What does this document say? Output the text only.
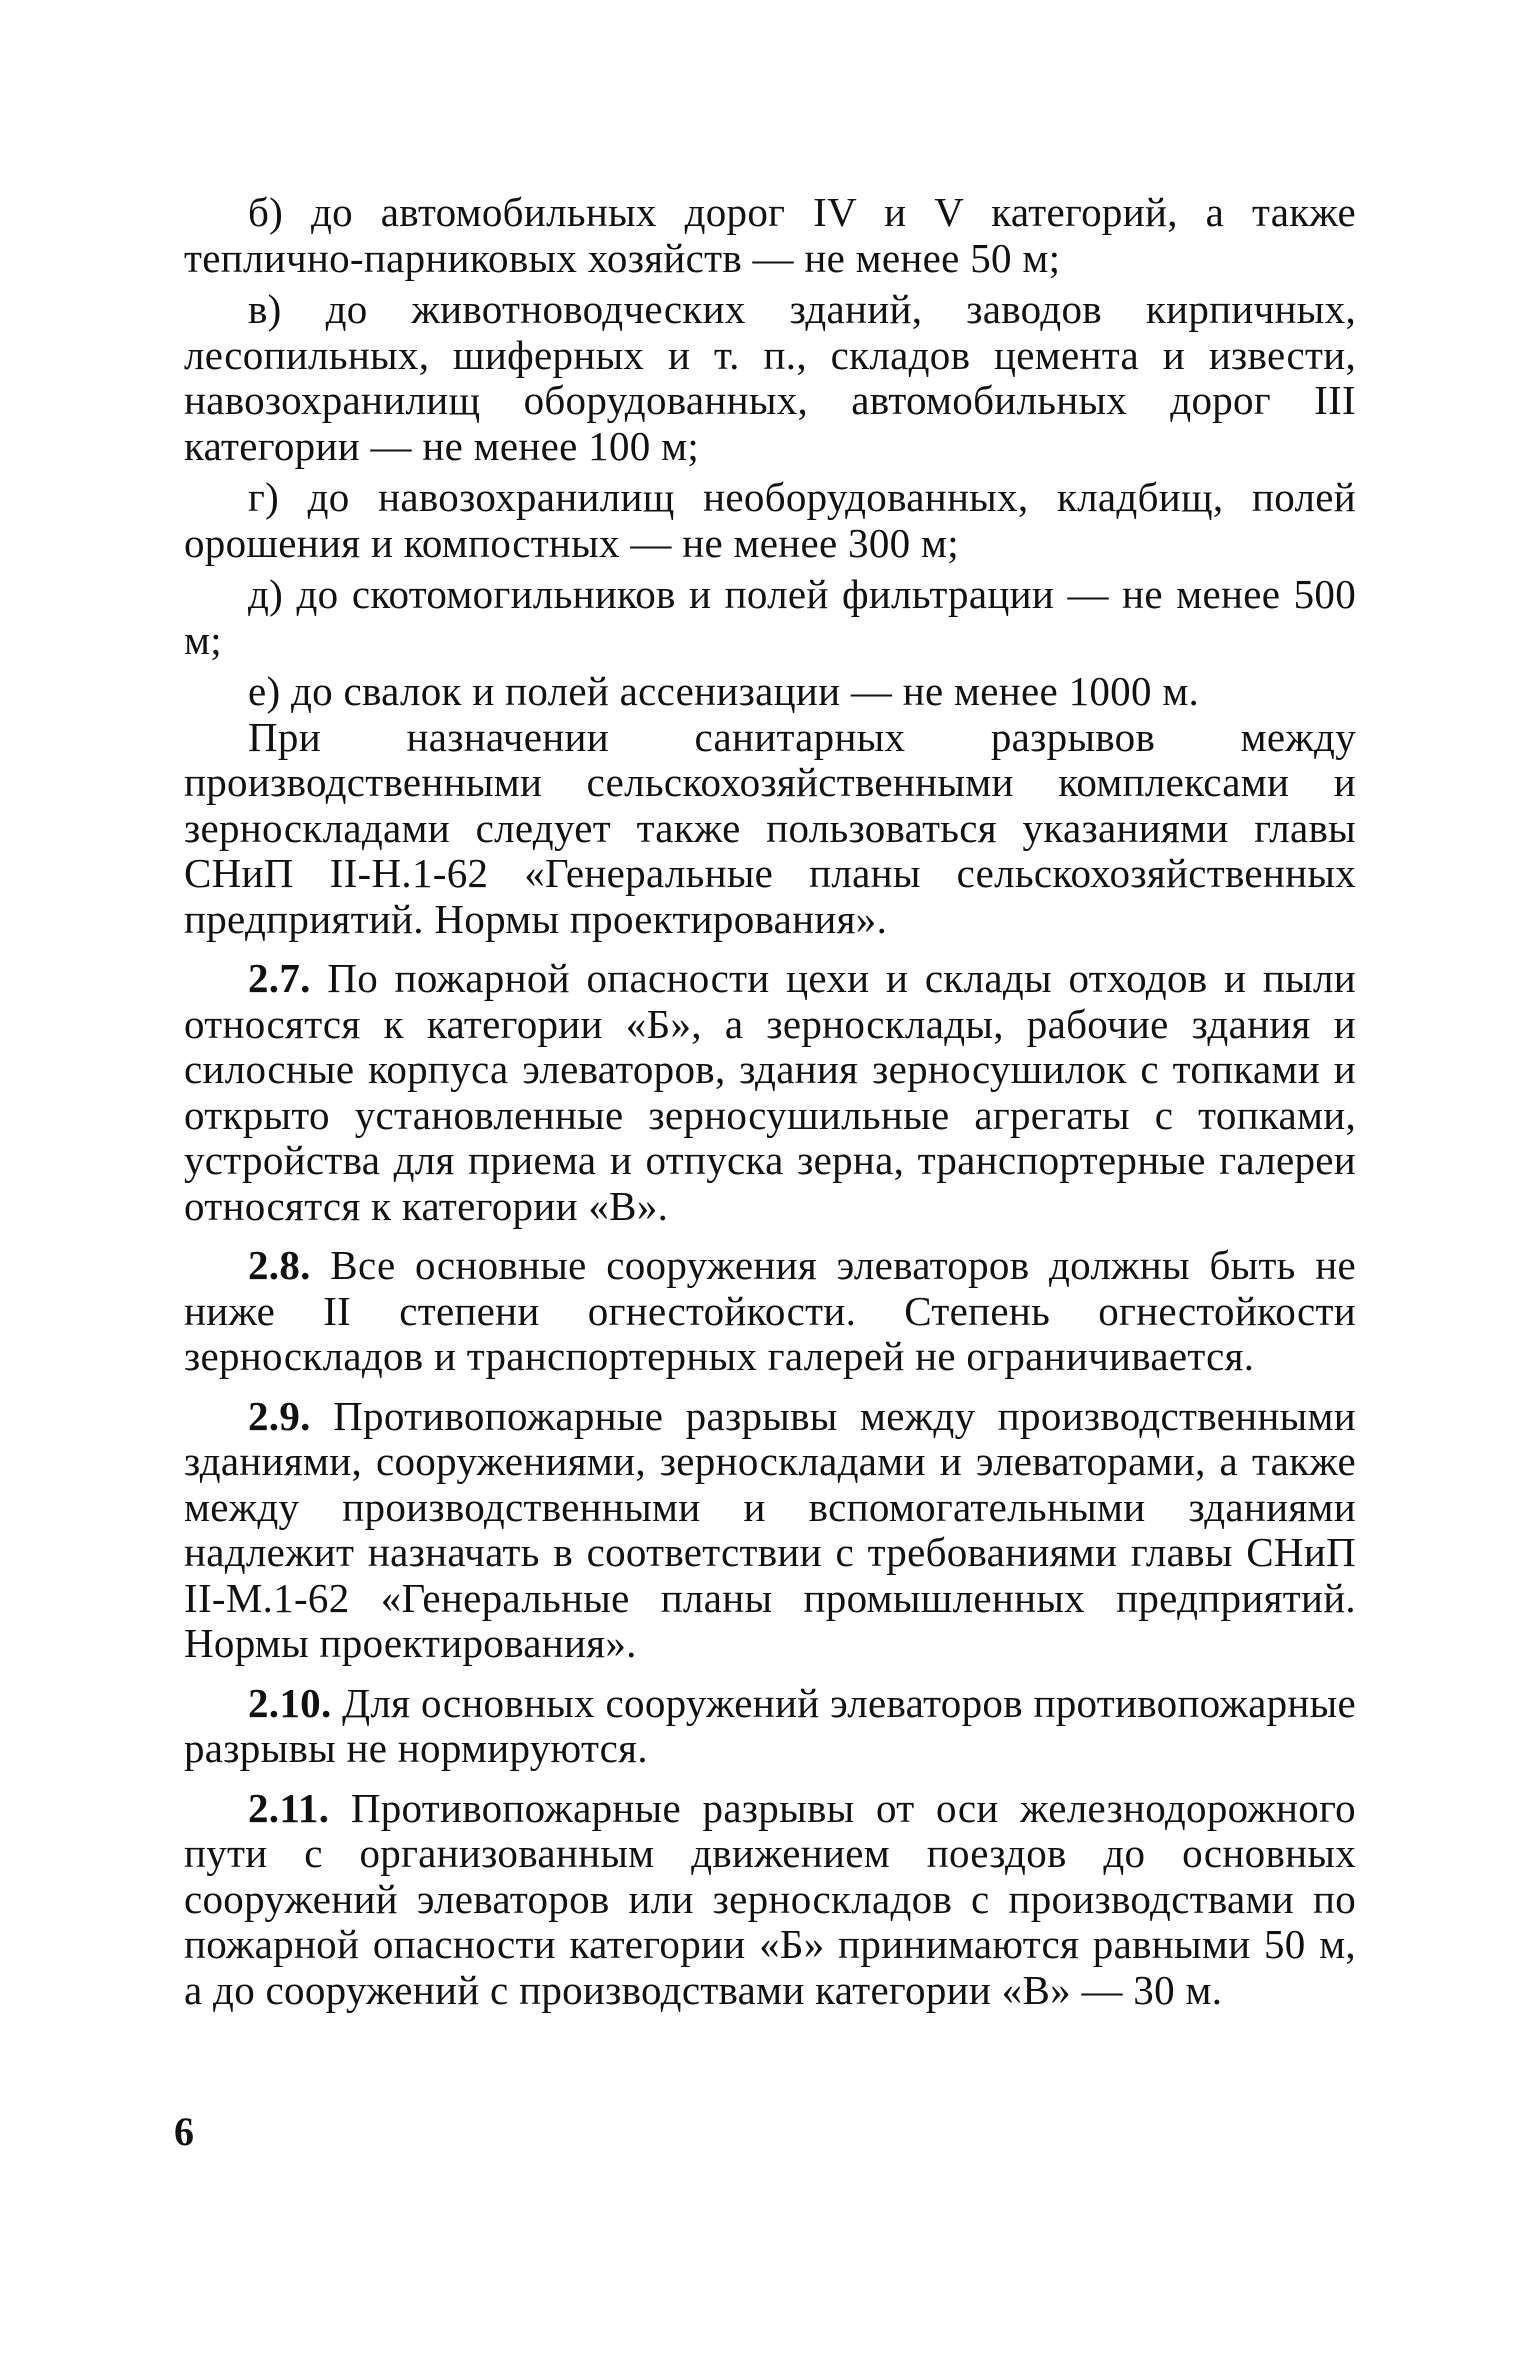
б) до автомобильных дорог IV и V категорий, а также теплично-парниковых хозяйств — не менее 50 м;

в) до животноводческих зданий, заводов кирпичных, лесопильных, шиферных и т. п., складов цемента и извести, навозохранилищ оборудованных, автомобильных дорог III категории — не менее 100 м;

г) до навозохранилищ необорудованных, кладбищ, полей орошения и компостных — не менее 300 м;

д) до скотомогильников и полей фильтрации — не менее 500 м;

е) до свалок и полей ассенизации — не менее 1000 м.

При назначении санитарных разрывов между производственными сельскохозяйственными комплексами и зерноскладами следует также пользоваться указаниями главы СНиП II-Н.1-62 «Генеральные планы сельскохозяйственных предприятий. Нормы проектирования».

2.7. По пожарной опасности цехи и склады отходов и пыли относятся к категории «Б», а зерносклады, рабочие здания и силосные корпуса элеваторов, здания зерносушилок с топками и открыто установленные зерносушильные агрегаты с топками, устройства для приема и отпуска зерна, транспортерные галереи относятся к категории «В».

2.8. Все основные сооружения элеваторов должны быть не ниже II степени огнестойкости. Степень огнестойкости зерноскладов и транспортерных галерей не ограничивается.

2.9. Противопожарные разрывы между производственными зданиями, сооружениями, зерноскладами и элеваторами, а также между производственными и вспомогательными зданиями надлежит назначать в соответствии с требованиями главы СНиП II-М.1-62 «Генеральные планы промышленных предприятий. Нормы проектирования».

2.10. Для основных сооружений элеваторов противопожарные разрывы не нормируются.

2.11. Противопожарные разрывы от оси железнодорожного пути с организованным движением поездов до основных сооружений элеваторов или зерноскладов с производствами по пожарной опасности категории «Б» принимаются равными 50 м, а до сооружений с производствами категории «В» — 30 м.

6
